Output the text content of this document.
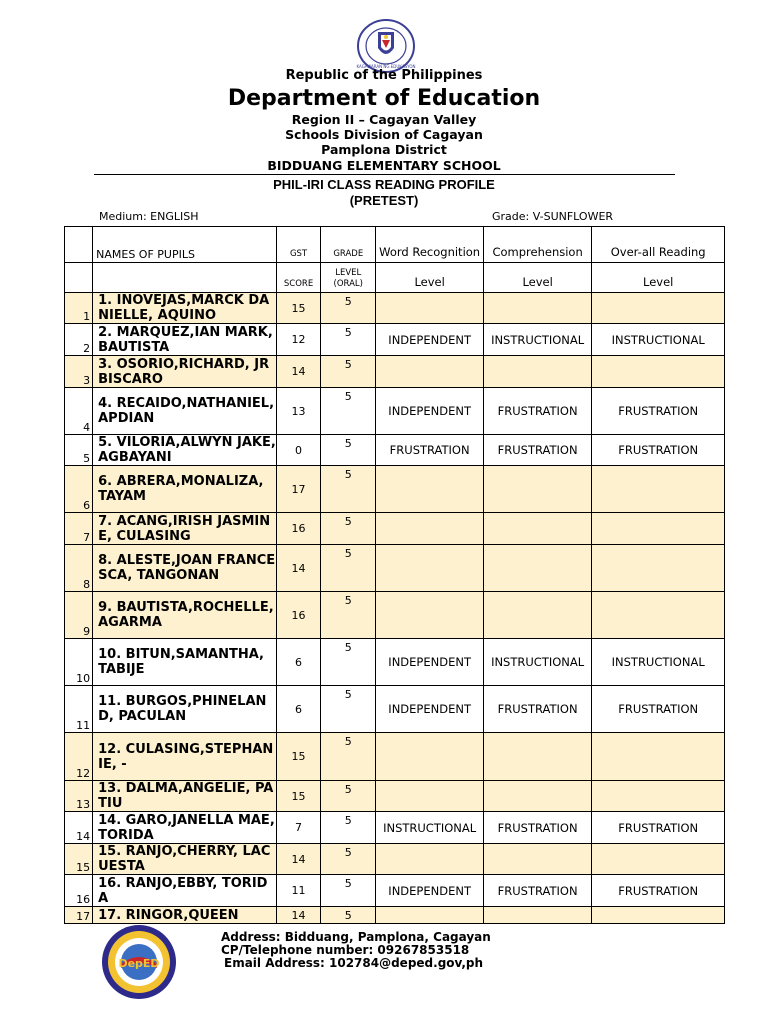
KAGAWARAN NG EDUKASYON
Republic of the Philippines
Department of Education
Region II – Cagayan Valley
Schools Division of Cagayan
Pamplona District
BIDDUANG ELEMENTARY SCHOOL
PHIL-IRI CLASS READING PROFILE
(PRETEST)
Medium: ENGLISH	Grade: V-SUNFLOWER
	NAMES OF PUPILS	GST	GRADE	Word Recognition	Comprehension	Over-all Reading
		SCORE	LEVEL (ORAL)	Level	Level	Level
1	1. INOVEJAS,MARCK DANIELLE, AQUINO	15	5			
2	2. MARQUEZ,IAN MARK, BAUTISTA	12	5	INDEPENDENT	INSTRUCTIONAL	INSTRUCTIONAL
3	3. OSORIO,RICHARD, JR BISCARO	14	5			
4	4. RECAIDO,NATHANIEL, APDIAN	13	5	INDEPENDENT	FRUSTRATION	FRUSTRATION
5	5. VILORIA,ALWYN JAKE, AGBAYANI	0	5	FRUSTRATION	FRUSTRATION	FRUSTRATION
6	6. ABRERA,MONALIZA, TAYAM	17	5			
7	7. ACANG,IRISH JASMINE, CULASING	16	5			
8	8. ALESTE,JOAN FRANCESCA, TANGONAN	14	5			
9	9. BAUTISTA,ROCHELLE, AGARMA	16	5			
10	10. BITUN,SAMANTHA, TABIJE	6	5	INDEPENDENT	INSTRUCTIONAL	INSTRUCTIONAL
11	11. BURGOS,PHINELAND, PACULAN	6	5	INDEPENDENT	FRUSTRATION	FRUSTRATION
12	12. CULASING,STEPHANIE, -	15	5			
13	13. DALMA,ANGELIE, PATIU	15	5			
14	14. GARO,JANELLA MAE, TORIDA	7	5	INSTRUCTIONAL	FRUSTRATION	FRUSTRATION
15	15. RANJO,CHERRY, LACUESTA	14	5			
16	16. RANJO,EBBY, TORIDA	11	5	INDEPENDENT	FRUSTRATION	FRUSTRATION
17	17. RINGOR,QUEEN	14	5			
DepED
Address: Bidduang, Pamplona, Cagayan
CP/Telephone number: 09267853518
Email Address: 102784@deped.gov,ph
